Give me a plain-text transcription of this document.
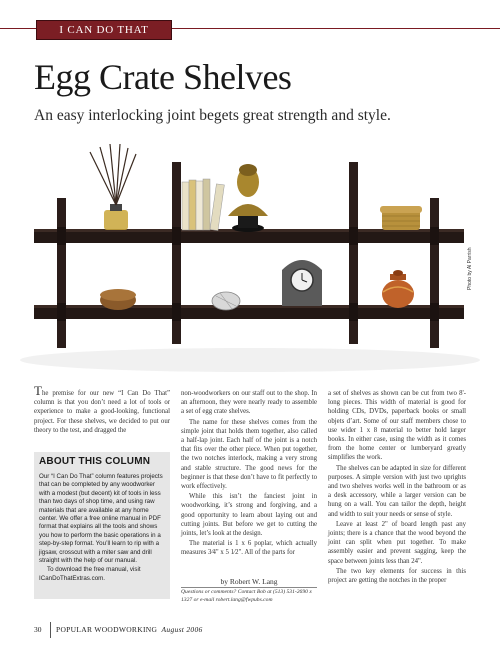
I CAN DO THAT
Egg Crate Shelves
An easy interlocking joint begets great strength and style.
Photo by Al Parrish

The premise for our new “I Can Do That” column is that you don’t need a lot of tools or experience to make a good-looking, functional project. For these shelves, we decided to put our theory to the test, and dragged the

ABOUT THIS COLUMN

Our “I Can Do That” column features projects that can be completed by any woodworker with a modest (but decent) kit of tools in less than two days of shop time, and using raw materials that are available at any home center. We offer a free online manual in PDF format that explains all the tools and shows you how to perform the basic operations in a step-by-step format. You’ll learn to rip with a jigsaw, crosscut with a miter saw and drill straight with the help of our manual.

To download the free manual, visit ICanDoThatExtras.com.

non-woodworkers on our staff out to the shop. In an afternoon, they were nearly ready to assemble a set of egg crate shelves.

The name for these shelves comes from the simple joint that holds them together, also called a half-lap joint. Each half of the joint is a notch that fits over the other piece. When put together, the two notches interlock, making a very strong and stable structure. The good news for the beginner is that these don’t have to fit perfectly to work effectively.

While this isn’t the fanciest joint in woodworking, it’s strong and forgiving, and a good opportunity to learn about laying out and cutting joints. But before we get to cutting the joints, let’s look at the design.

The material is 1 x 6 poplar, which actually measures 3⁄4" x 5 1⁄2". All of the parts for

by Robert W. Lang
Questions or comments? Contact Bob at (513) 531-2690 x 1327 or e-mail robert.lang@fwpubs.com

a set of shelves as shown can be cut from two 8'-long pieces. This width of material is good for holding CDs, DVDs, paperback books or small objets d’art. Some of our staff members chose to use wider 1 x 8 material to better hold larger books. In either case, using the width as it comes from the home center or lumberyard greatly simplifies the work.

The shelves can be adapted in size for different purposes. A simple version with just two uprights and two shelves works well in the bathroom or as a desk accessory, while a larger version can be hung on a wall. You can tailor the depth, height and width to suit your needs or sense of style.

Leave at least 2" of board length past any joints; there is a chance that the wood beyond the joint can split when put together. To make assembly easier and prevent sagging, keep the space between joints less than 24".

The two key elements for success in this project are getting the notches in the proper

30 POPULAR WOODWORKING August 2006
